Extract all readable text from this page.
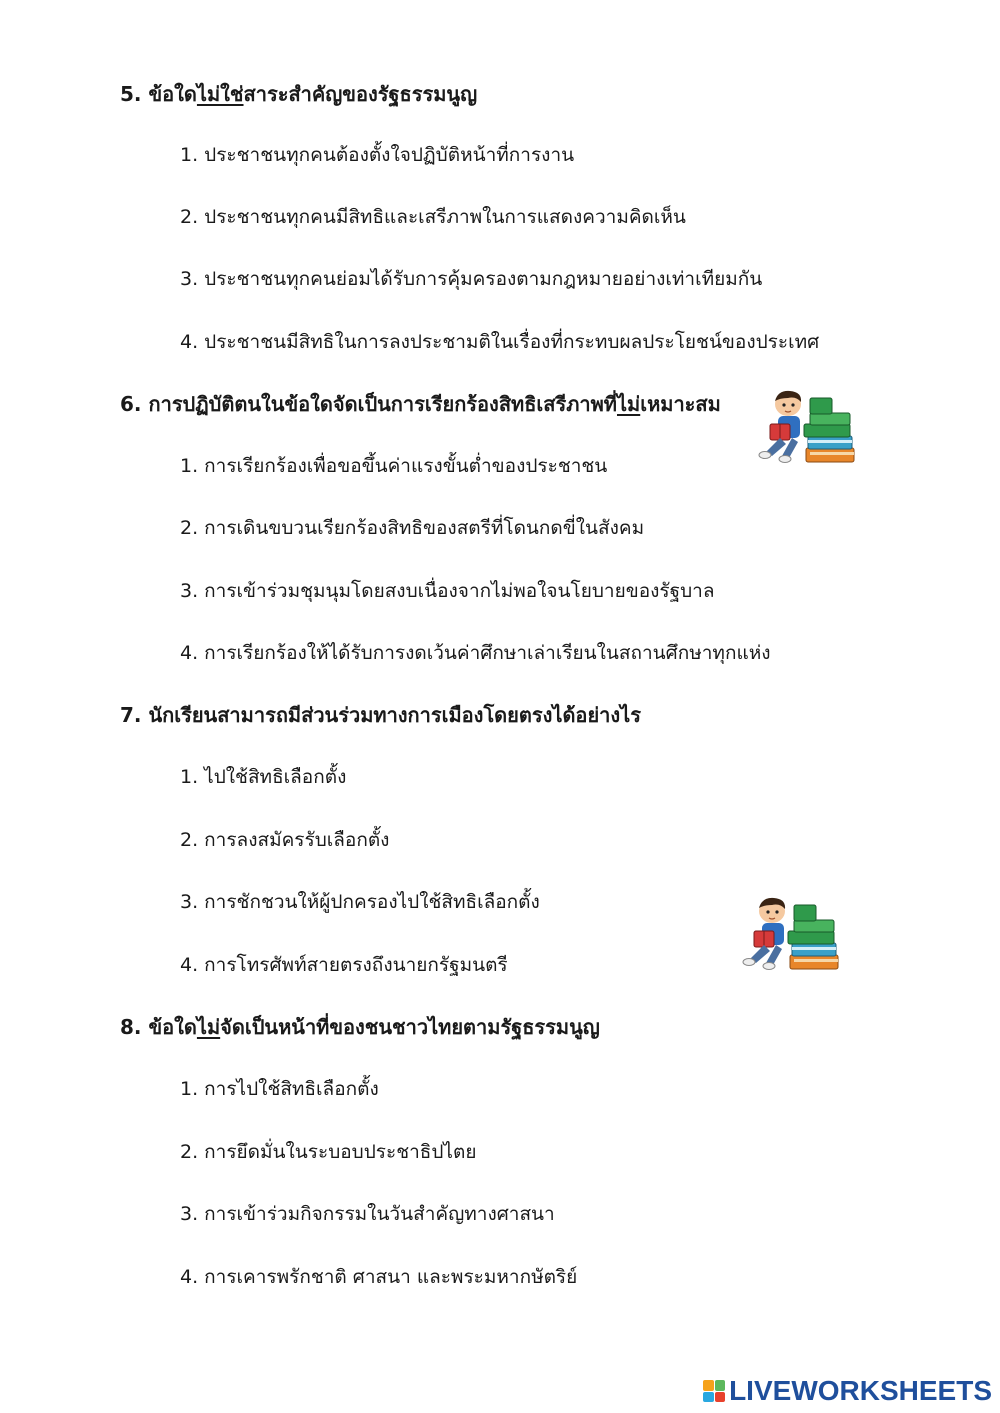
5. ข้อใดไม่ใช่สาระสำคัญของรัฐธรรมนูญ
1. ประชาชนทุกคนต้องตั้งใจปฏิบัติหน้าที่การงาน
2. ประชาชนทุกคนมีสิทธิและเสรีภาพในการแสดงความคิดเห็น
3. ประชาชนทุกคนย่อมได้รับการคุ้มครองตามกฎหมายอย่างเท่าเทียมกัน
4. ประชาชนมีสิทธิในการลงประชามติในเรื่องที่กระทบผลประโยชน์ของประเทศ
6. การปฏิบัติตนในข้อใดจัดเป็นการเรียกร้องสิทธิเสรีภาพที่ไม่เหมาะสม
1. การเรียกร้องเพื่อขอขึ้นค่าแรงขั้นต่ำของประชาชน
2. การเดินขบวนเรียกร้องสิทธิของสตรีที่โดนกดขี่ในสังคม
3. การเข้าร่วมชุมนุมโดยสงบเนื่องจากไม่พอใจนโยบายของรัฐบาล
4. การเรียกร้องให้ได้รับการงดเว้นค่าศึกษาเล่าเรียนในสถานศึกษาทุกแห่ง
7. นักเรียนสามารถมีส่วนร่วมทางการเมืองโดยตรงได้อย่างไร
1. ไปใช้สิทธิเลือกตั้ง
2. การลงสมัครรับเลือกตั้ง
3. การชักชวนให้ผู้ปกครองไปใช้สิทธิเลือกตั้ง
4. การโทรศัพท์สายตรงถึงนายกรัฐมนตรี
8. ข้อใดไม่จัดเป็นหน้าที่ของชนชาวไทยตามรัฐธรรมนูญ
1. การไปใช้สิทธิเลือกตั้ง
2. การยึดมั่นในระบอบประชาธิปไตย
3. การเข้าร่วมกิจกรรมในวันสำคัญทางศาสนา
4. การเคารพรักชาติ ศาสนา และพระมหากษัตริย์
LIVEWORKSHEETS
